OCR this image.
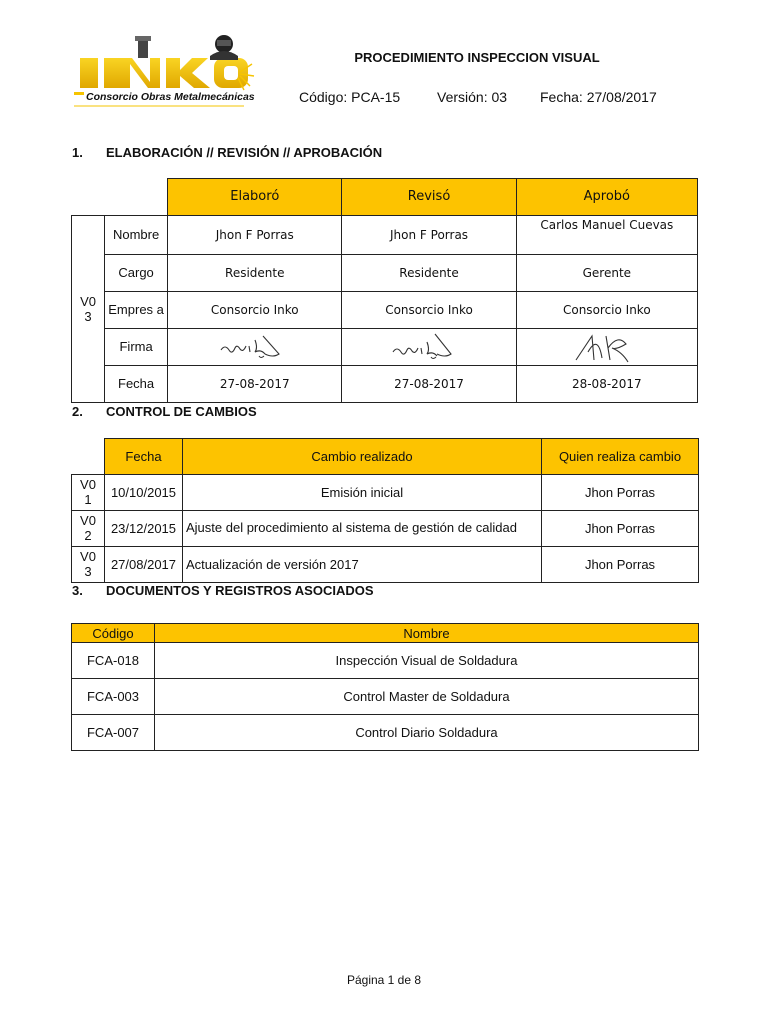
Consorcio Obras Metalmecánicas
PROCEDIMIENTO INSPECCION VISUAL
Código: PCA-15	Versión: 03 Fecha: 27/08/2017
1. ELABORACIÓN // REVISIÓN // APROBACIÓN
		Elaboró	Revisó	Aprobó
V0 3	Nombre	Jhon F Porras	Jhon F Porras	Carlos Manuel Cuevas
	Cargo	Residente	Residente	Gerente
	Empres a	Consorcio Inko	Consorcio Inko	Consorcio Inko
	Firma	

	Fecha	27-08-2017	27-08-2017	28-08-2017
2. CONTROL DE CAMBIOS
	Fecha	Cambio realizado	Quien realiza cambio
V0 1	10/10/2015	Emisión inicial	Jhon Porras
V0 2	23/12/2015	Ajuste del procedimiento al sistema de gestión de calidad	Jhon Porras
V0 3	27/08/2017	Actualización de versión 2017	Jhon Porras
3. DOCUMENTOS Y REGISTROS ASOCIADOS
Código	Nombre
FCA-018	Inspección Visual de Soldadura
FCA-003	Control Master de Soldadura
FCA-007	Control Diario Soldadura
Página 1 de 8
